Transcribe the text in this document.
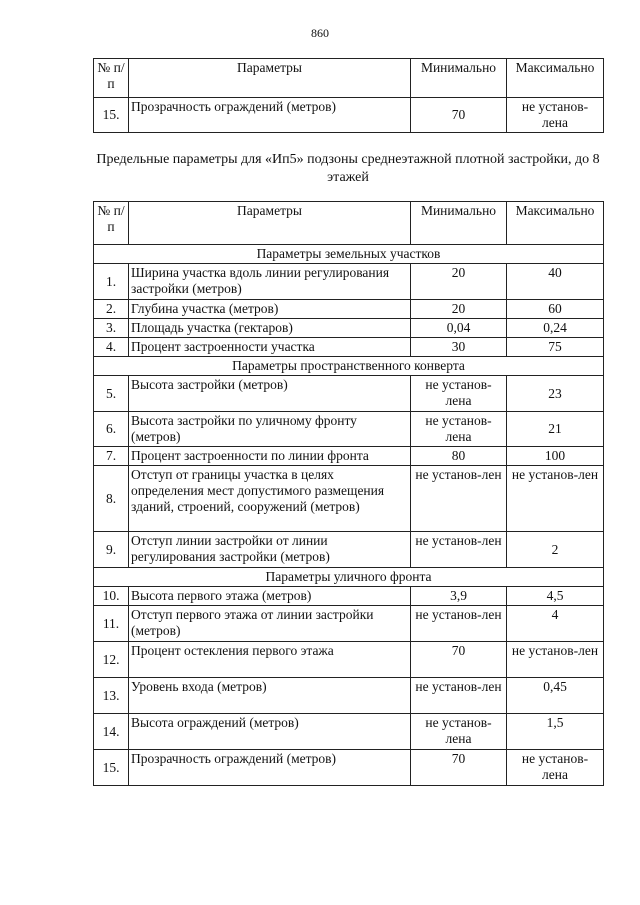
860
№ п/п	Параметры	Минимально	Максимально
15.	Прозрачность ограждений (метров)	70	не установ-лена
Предельные параметры для «Ип5» подзоны среднеэтажной плотной застройки, до 8 этажей
№ п/п	Параметры	Минимально	Максимально
Параметры земельных участков			
1.	Ширина участка вдоль линии регулирования застройки (метров)	20	40
2.	Глубина участка (метров)	20	60
3.	Площадь участка (гектаров)	0,04	0,24
4.	Процент застроенности участка	30	75
Параметры пространственного конверта			
5.	Высота застройки (метров)	не установ-лена	23
6.	Высота застройки по уличному фронту (метров)	не установ-лена	21
7.	Процент застроенности по линии фронта	80	100
8.	Отступ от границы участка в целях определения мест допустимого размещения зданий, строений, сооружений (метров)	не установ-лен	не установ-лен
9.	Отступ линии застройки от линии регулирования застройки (метров)	не установ-лен	2
Параметры уличного фронта			
10.	Высота первого этажа (метров)	3,9	4,5
11.	Отступ первого этажа от линии застройки (метров)	не установ-лен	4
12.	Процент остекления первого этажа	70	не установ-лен
13.	Уровень входа (метров)	не установ-лен	0,45
14.	Высота ограждений (метров)	не установ-лена	1,5
15.	Прозрачность ограждений (метров)	70	не установ-лена
